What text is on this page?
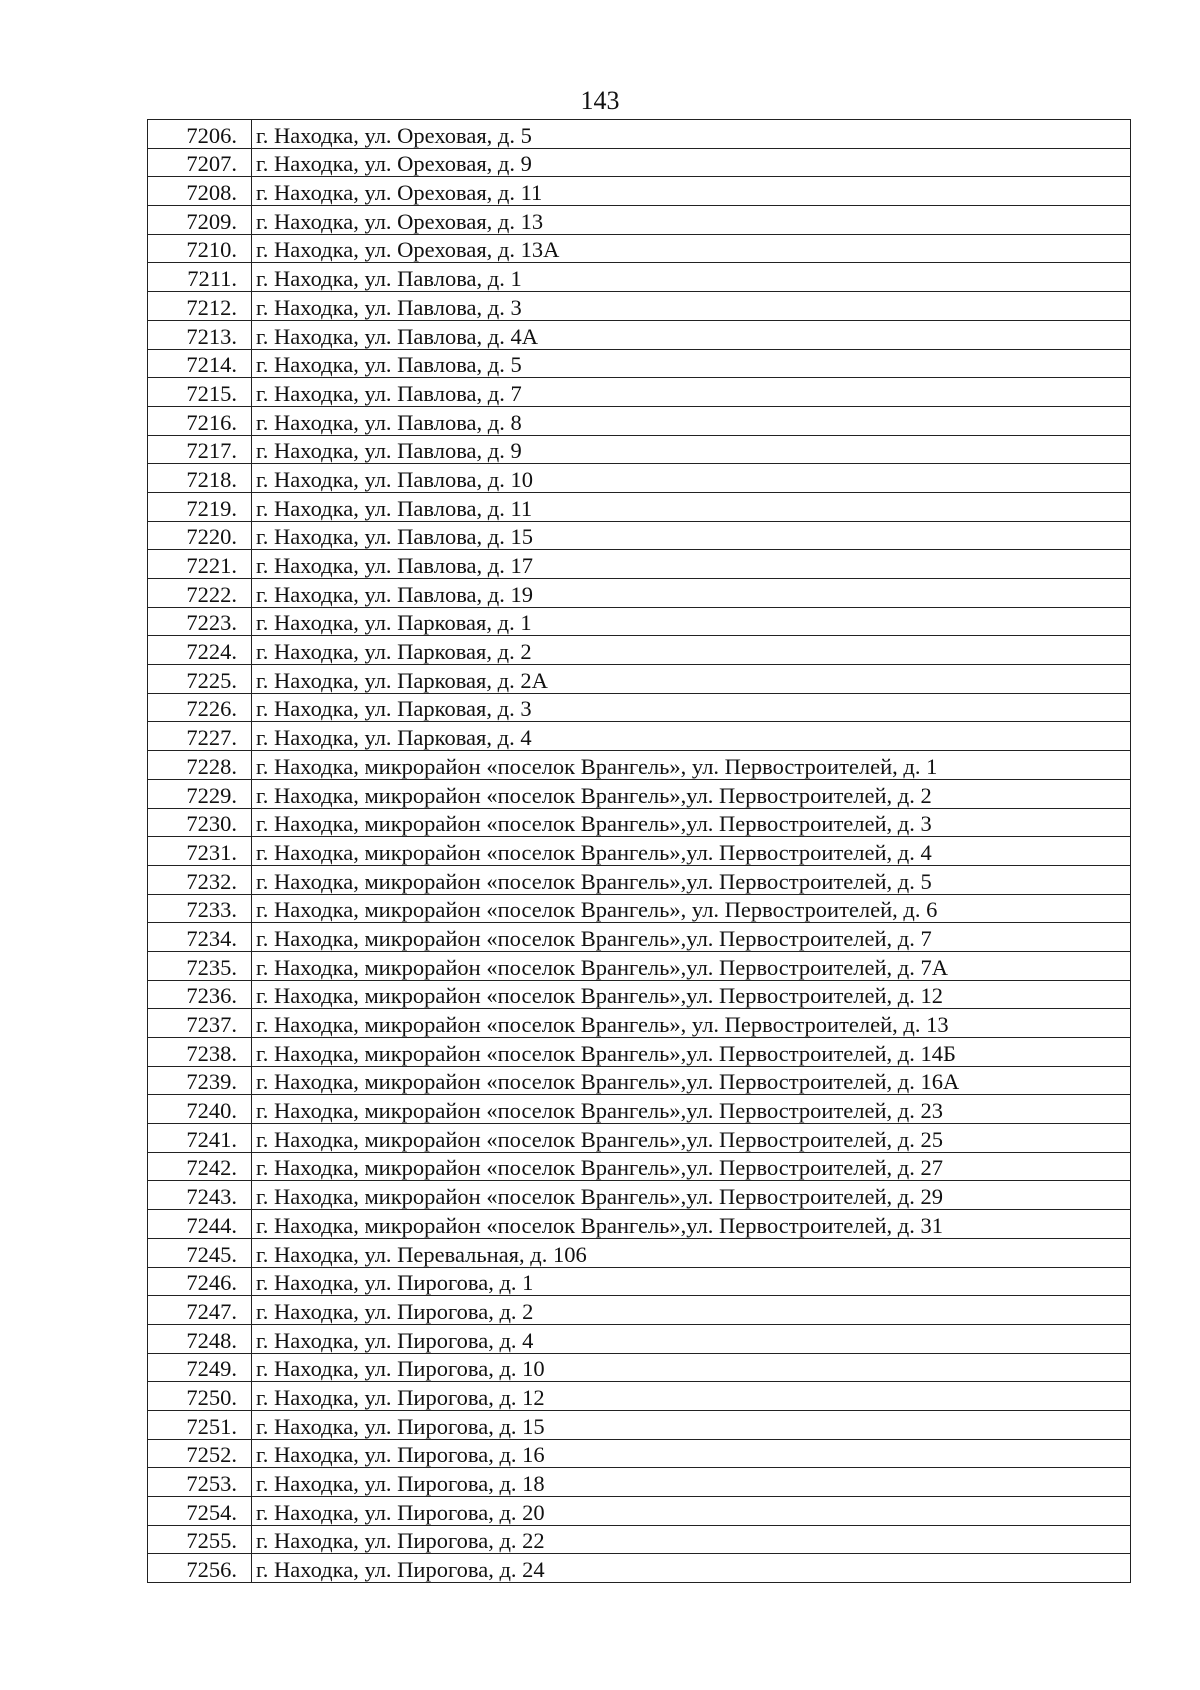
143
7206.	г. Находка, ул. Ореховая, д. 5
7207.	г. Находка, ул. Ореховая, д. 9
7208.	г. Находка, ул. Ореховая, д. 11
7209.	г. Находка, ул. Ореховая, д. 13
7210.	г. Находка, ул. Ореховая, д. 13А
7211.	г. Находка, ул. Павлова, д. 1
7212.	г. Находка, ул. Павлова, д. 3
7213.	г. Находка, ул. Павлова, д. 4А
7214.	г. Находка, ул. Павлова, д. 5
7215.	г. Находка, ул. Павлова, д. 7
7216.	г. Находка, ул. Павлова, д. 8
7217.	г. Находка, ул. Павлова, д. 9
7218.	г. Находка, ул. Павлова, д. 10
7219.	г. Находка, ул. Павлова, д. 11
7220.	г. Находка, ул. Павлова, д. 15
7221.	г. Находка, ул. Павлова, д. 17
7222.	г. Находка, ул. Павлова, д. 19
7223.	г. Находка, ул. Парковая, д. 1
7224.	г. Находка, ул. Парковая, д. 2
7225.	г. Находка, ул. Парковая, д. 2А
7226.	г. Находка, ул. Парковая, д. 3
7227.	г. Находка, ул. Парковая, д. 4
7228.	г. Находка, микрорайон «поселок Врангель», ул. Первостроителей, д. 1
7229.	г. Находка, микрорайон «поселок Врангель»,ул. Первостроителей, д. 2
7230.	г. Находка, микрорайон «поселок Врангель»,ул. Первостроителей, д. 3
7231.	г. Находка, микрорайон «поселок Врангель»,ул. Первостроителей, д. 4
7232.	г. Находка, микрорайон «поселок Врангель»,ул. Первостроителей, д. 5
7233.	г. Находка, микрорайон «поселок Врангель», ул. Первостроителей, д. 6
7234.	г. Находка, микрорайон «поселок Врангель»,ул. Первостроителей, д. 7
7235.	г. Находка, микрорайон «поселок Врангель»,ул. Первостроителей, д. 7А
7236.	г. Находка, микрорайон «поселок Врангель»,ул. Первостроителей, д. 12
7237.	г. Находка, микрорайон «поселок Врангель», ул. Первостроителей, д. 13
7238.	г. Находка, микрорайон «поселок Врангель»,ул. Первостроителей, д. 14Б
7239.	г. Находка, микрорайон «поселок Врангель»,ул. Первостроителей, д. 16А
7240.	г. Находка, микрорайон «поселок Врангель»,ул. Первостроителей, д. 23
7241.	г. Находка, микрорайон «поселок Врангель»,ул. Первостроителей, д. 25
7242.	г. Находка, микрорайон «поселок Врангель»,ул. Первостроителей, д. 27
7243.	г. Находка, микрорайон «поселок Врангель»,ул. Первостроителей, д. 29
7244.	г. Находка, микрорайон «поселок Врангель»,ул. Первостроителей, д. 31
7245.	г. Находка, ул. Перевальная, д. 106
7246.	г. Находка, ул. Пирогова, д. 1
7247.	г. Находка, ул. Пирогова, д. 2
7248.	г. Находка, ул. Пирогова, д. 4
7249.	г. Находка, ул. Пирогова, д. 10
7250.	г. Находка, ул. Пирогова, д. 12
7251.	г. Находка, ул. Пирогова, д. 15
7252.	г. Находка, ул. Пирогова, д. 16
7253.	г. Находка, ул. Пирогова, д. 18
7254.	г. Находка, ул. Пирогова, д. 20
7255.	г. Находка, ул. Пирогова, д. 22
7256.	г. Находка, ул. Пирогова, д. 24
